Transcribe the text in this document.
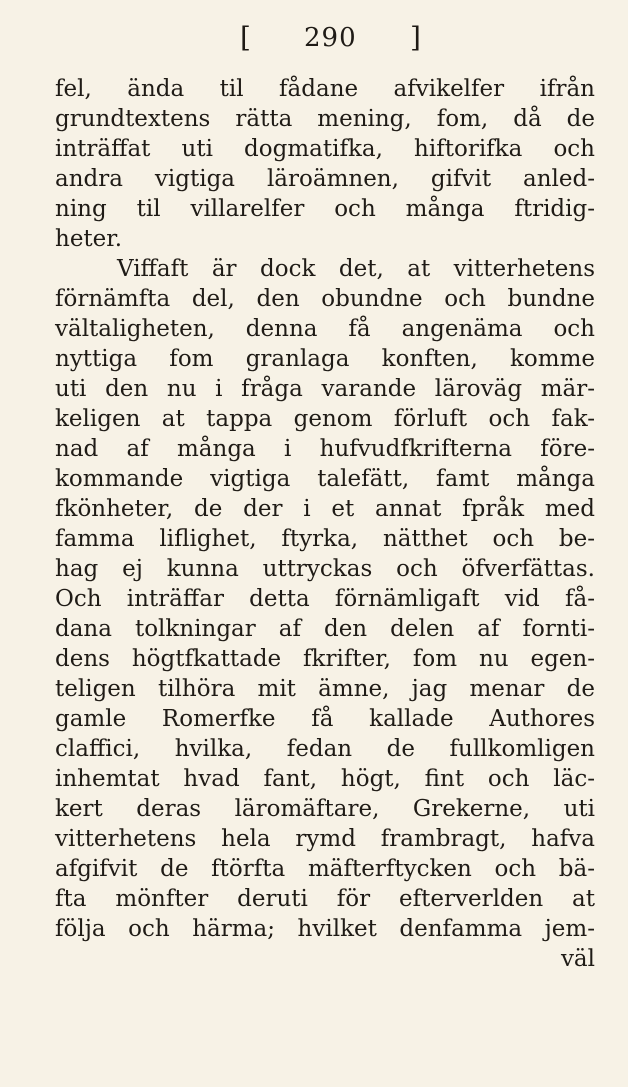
[ 290 ]
fel, ända til fådane afvikelfer ifrån
grundtextens rätta mening, fom, då de
inträffat uti dogmatifka, hiftorifka och
andra vigtiga läroämnen, gifvit anled-
ning til villarelfer och många ftridig-
heter.
Viffaft är dock det, at vitterhetens
förnämfta del, den obundne och bundne
vältaligheten, denna få angenäma och
nyttiga fom granlaga konften, komme
uti den nu i fråga varande läroväg mär-
keligen at tappa genom förluft och fak-
nad af många i hufvudfkrifterna före-
kommande vigtiga talefätt, famt många
fkönheter, de der i et annat fpråk med
famma liflighet, ftyrka, nätthet och be-
hag ej kunna uttryckas och öfverfättas.
Och inträffar detta förnämligaft vid få-
dana tolkningar af den delen af fornti-
dens högtfkattade fkrifter, fom nu egen-
teligen tilhöra mit ämne, jag menar de
gamle Romerfke få kallade Authores
claffici, hvilka, fedan de fullkomligen
inhemtat hvad fant, högt, fint och läc-
kert deras läromäftare, Grekerne, uti
vitterhetens hela rymd frambragt, hafva
afgifvit de ftörfta mäfterftycken och bä-
fta mönfter deruti för efterverlden at
följa och härma; hvilket denfamma jem-
väl
